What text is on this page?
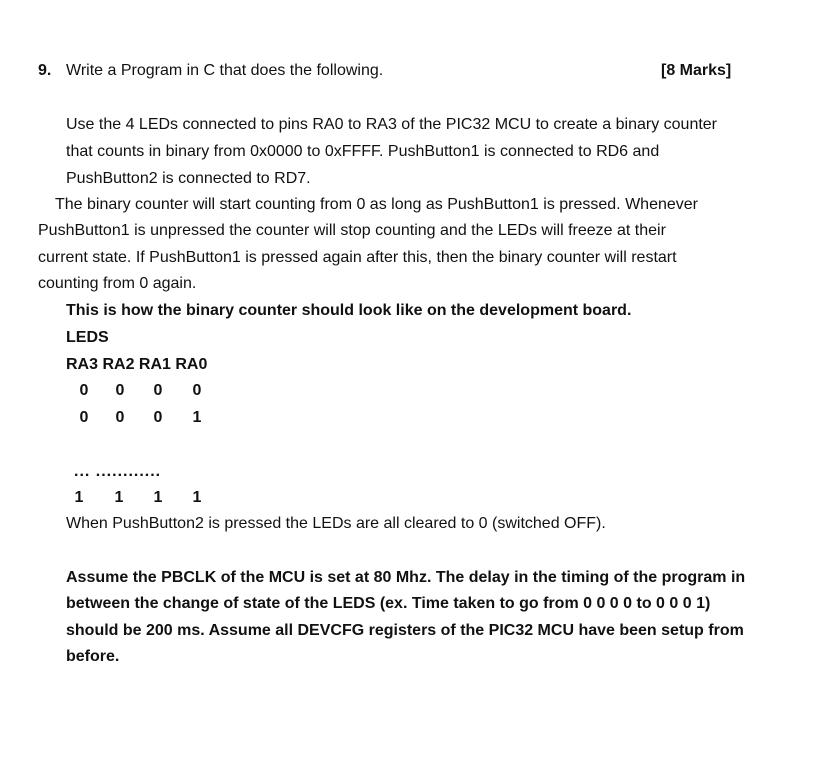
9. Write a Program in C that does the following.	[8 Marks]
Use the 4 LEDs connected to pins RA0 to RA3 of the PIC32 MCU to create a binary counter
that counts in binary from 0x0000 to 0xFFFF. PushButton1 is connected to RD6 and
PushButton2 is connected to RD7.
The binary counter will start counting from 0 as long as PushButton1 is pressed. Whenever
PushButton1 is unpressed the counter will stop counting and the LEDs will freeze at their
current state. If PushButton1 is pressed again after this, then the binary counter will restart
counting from 0 again.
This is how the binary counter should look like on the development board.
LEDS
RA3 RA2 RA1 RA0
0	0	0	0
0	0	0	1
... ............
1	1	1	1
When PushButton2 is pressed the LEDs are all cleared to 0 (switched OFF).
Assume the PBCLK of the MCU is set at 80 Mhz. The delay in the timing of the program in
between the change of state of the LEDS (ex. Time taken to go from 0 0 0 0 to 0 0 0 1)
should be 200 ms. Assume all DEVCFG registers of the PIC32 MCU have been setup from
before.
